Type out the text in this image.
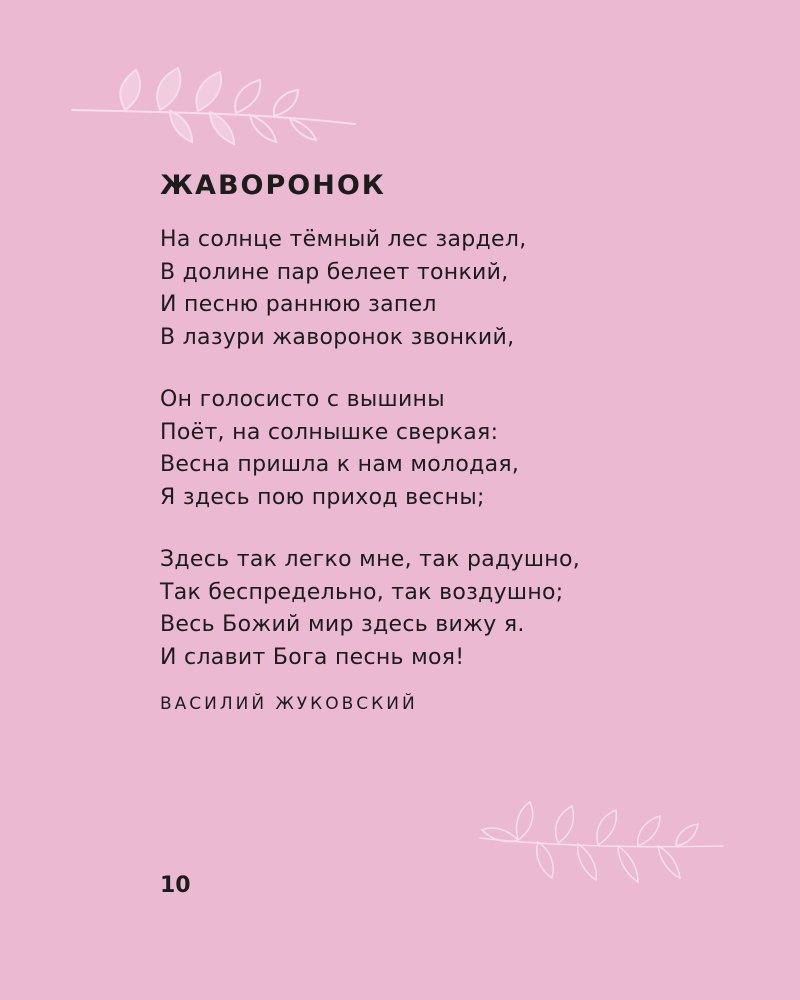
ЖАВОРОНОК
На солнце тёмный лес зардел,
В долине пар белеет тонкий,
И песню раннюю запел
В лазури жаворонок звонкий,
Он голосисто с вышины
Поёт, на солнышке сверкая:
Весна пришла к нам молодая,
Я здесь пою приход весны;
Здесь так легко мне, так радушно,
Так беспредельно, так воздушно;
Весь Божий мир здесь вижу я.
И славит Бога песнь моя!
ВАСИЛИЙ ЖУКОВСКИЙ
10
